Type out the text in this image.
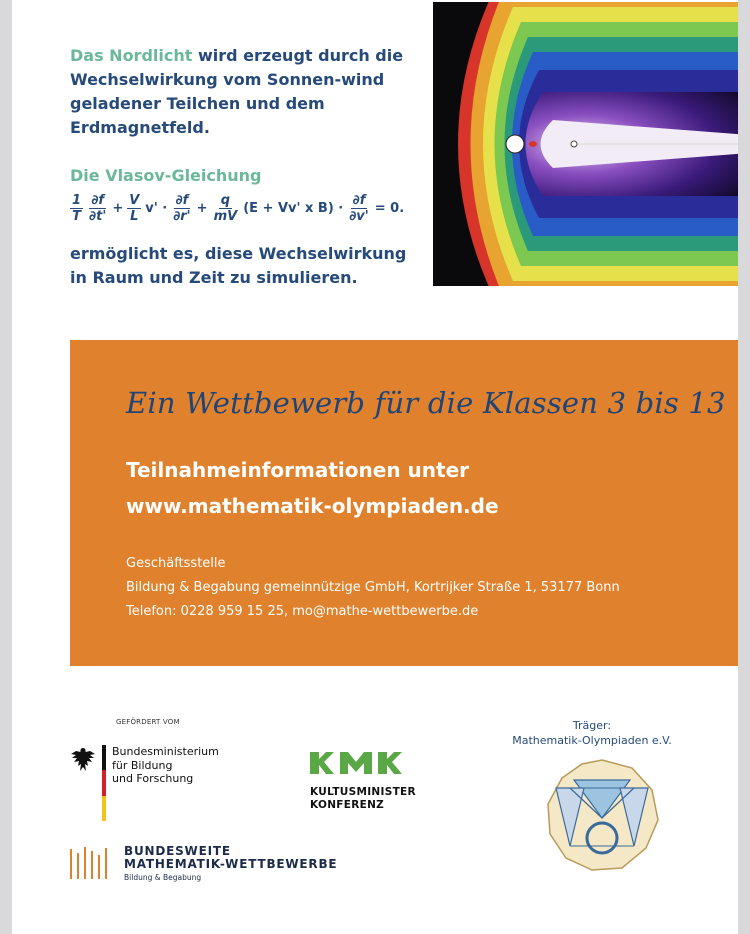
Das Nordlicht wird erzeugt durch die Wechselwirkung vom Sonnen-wind geladener Teilchen und dem Erdmagnetfeld.
Die Vlasov-Gleichung
$\frac{1}{T} \frac{\partial f}{\partial t'} + \frac{V}{L} v' \cdot \frac{\partial f}{\partial r'} + \frac{q}{mV} (E + Vv'$ x $B) \cdot \frac{\partial f}{\partial v'} = 0$.
ermöglicht es, diese Wechselwirkung in Raum und Zeit zu simulieren.
Ein Wettbewerb für die Klassen 3 bis 13
Teilnahmeinformationen unter
www.mathematik-olympiaden.de
Geschäftsstelle
Bildung & Begabung gemeinnützige GmbH, Kortrijker Straße 1, 53177 Bonn
Telefon: 0228 959 15 25, mo@mathe-wettbewerbe.de
GEFÖRDERT VOM
Bundesministerium
für Bildung
und Forschung
KULTUSMINISTER
KONFERENZ
Träger:
Mathematik-Olympiaden e.V.
BUNDESWEITE
MATHEMATIK-WETTBEWERBE
Bildung & Begabung
